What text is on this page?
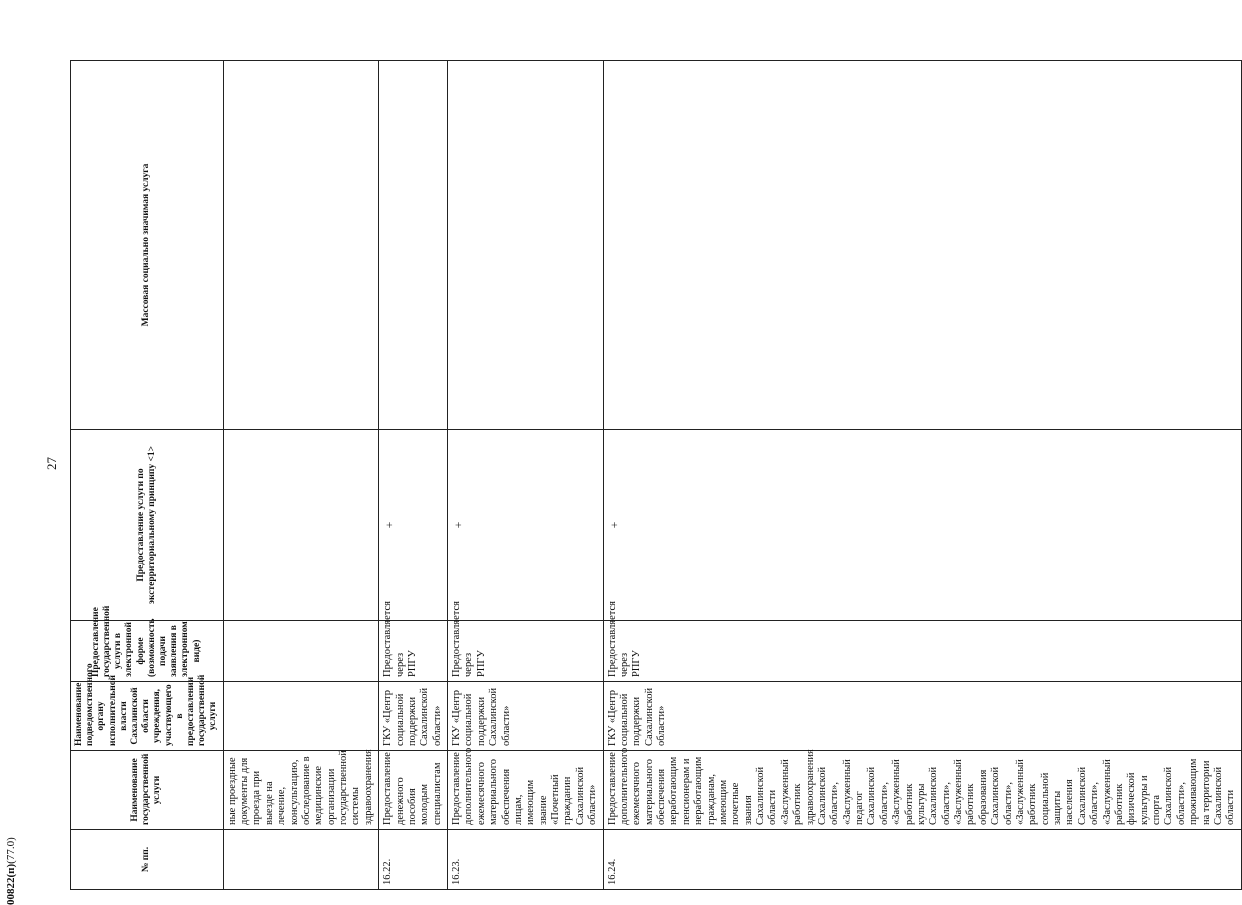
27
00822(п)(77.0)	№ пп.	Наименование государственной услуги	Наименование подведомственного органу исполнительной власти Сахалинской области учреждения, участвующего в предоставлении государственной услуги	Предоставление государственной услуги в электронной форме (возможность подачи заявления в электронном виде)	Предоставление услуги по экстерриториальному принципу <1>	Массовая социально значимая услуга
	ные проездные документы для проезда при выезде на лечение, консультацию, обследование в медицинские организации государственной системы здравоохранения				
16.22.	Предоставление денежного пособия молодым специалистам	ГКУ «Центр социальной поддержки Сахалинской области»	Предоставляется через РПГУ	+	
16.23.	Предоставление дополнительного ежемесячного материального обеспечения лицам, имеющим звание «Почетный гражданин Сахалинской области»	ГКУ «Центр социальной поддержки Сахалинской области»	Предоставляется через РПГУ	+	
16.24.	Предоставление дополнительного ежемесячного материального обеспечения неработающим пенсионерам и неработающим гражданам, имеющим почетные звания Сахалинской области «Заслуженный работник здравоохранения Сахалинской области», «Заслуженный педагог Сахалинской области», «Заслуженный работник культуры Сахалинской области», «Заслуженный работник образования Сахалинской области», «Заслуженный работник социальной защиты населения Сахалинской области», «Заслуженный работник физической культуры и спорта Сахалинской области», проживающим на территории Сахалинской области	ГКУ «Центр социальной поддержки Сахалинской области»	Предоставляется через РПГУ	+	
